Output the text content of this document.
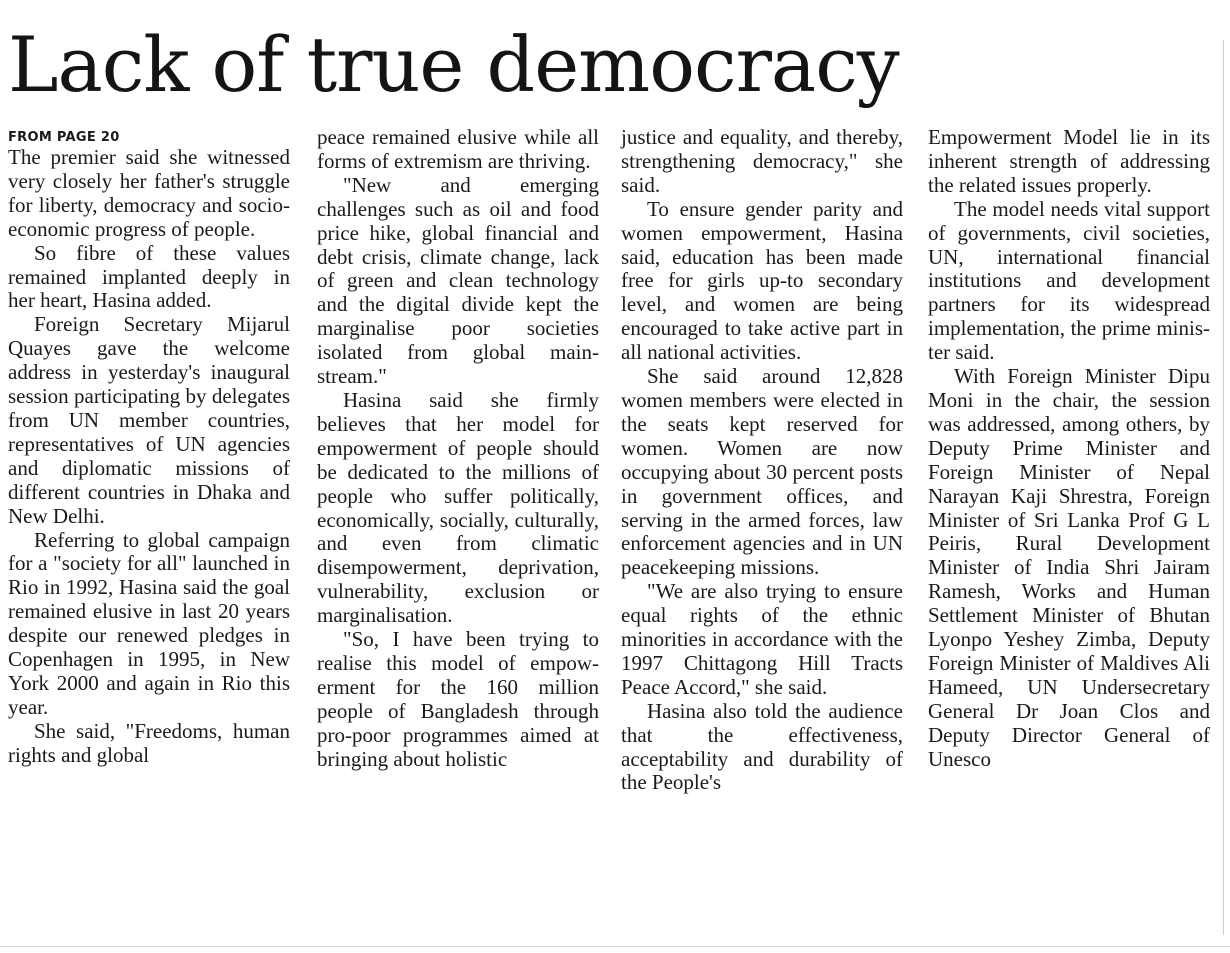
Lack of true democracy
FROM PAGE 20

The premier said she witnessed very closely her father's struggle for liberty, democracy and socio-economic progress of people.

So fibre of these values remained implanted deeply in her heart, Hasina added.

Foreign Secretary Mijarul Quayes gave the welcome address in yesterday's inaugural session participating by delegates from UN member countries, representatives of UN agencies and diplomatic missions of different countries in Dhaka and New Delhi.

Referring to global campaign for a "society for all" launched in Rio in 1992, Hasina said the goal remained elusive in last 20 years despite our renewed pledges in Copenhagen in 1995, in New York 2000 and again in Rio this year.

She said, "Freedoms, human rights and global

peace remained elusive while all forms of extremism are thriving.

"New and emerging challenges such as oil and food price hike, global financial and debt crisis, climate change, lack of green and clean technology and the digital divide kept the marginalise poor societies isolated from global mainstream."

Hasina said she firmly believes that her model for empowerment of people should be dedicated to the millions of people who suffer politically, economically, socially, culturally, and even from climatic disempowerment, deprivation, vulnerability, exclusion or marginalisation.

"So, I have been trying to realise this model of empowerment for the 160 million people of Bangladesh through pro-poor programmes aimed at bringing about holistic

justice and equality, and thereby, strengthening democracy," she said.

To ensure gender parity and women empowerment, Hasina said, education has been made free for girls up-to secondary level, and women are being encouraged to take active part in all national activities.

She said around 12,828 women members were elected in the seats kept reserved for women. Women are now occupying about 30 percent posts in government offices, and serving in the armed forces, law enforcement agencies and in UN peacekeeping missions.

"We are also trying to ensure equal rights of the ethnic minorities in accordance with the 1997 Chittagong Hill Tracts Peace Accord," she said.

Hasina also told the audience that the effectiveness, acceptability and durability of the People's

Empowerment Model lie in its inherent strength of addressing the related issues properly.

The model needs vital support of governments, civil societies, UN, international financial institutions and development partners for its widespread implementation, the prime minister said.

With Foreign Minister Dipu Moni in the chair, the session was addressed, among others, by Deputy Prime Minister and Foreign Minister of Nepal Narayan Kaji Shrestra, Foreign Minister of Sri Lanka Prof G L Peiris, Rural Development Minister of India Shri Jairam Ramesh, Works and Human Settlement Minister of Bhutan Lyonpo Yeshey Zimba, Deputy Foreign Minister of Maldives Ali Hameed, UN Undersecretary General Dr Joan Clos and Deputy Director General of Unesco
